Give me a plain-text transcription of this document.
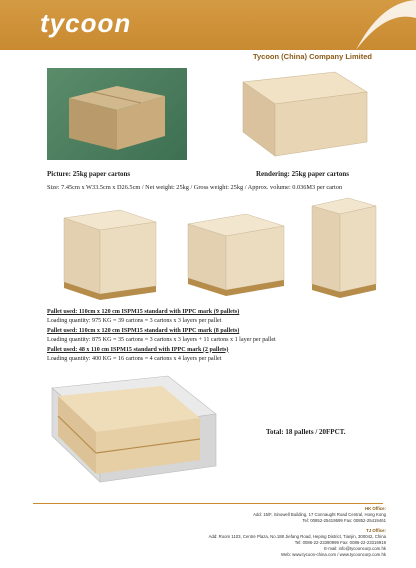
tycoon
Tycoon (China) Company Limited
Picture: 25kg paper cartons	Rendering: 25kg paper cartons
Size: 7.45cm x W33.5cm x D26.5cm / Net weight: 25kg / Gross weight: 25kg / Approx. volume: 0.036M3 per carton
Pallet used: 110cm x 120 cm ISPM15 standard with IPPC mark (9 pallets)
Loading quantity: 975 KG = 39 cartons = 3 cartons x 3 layers per pallet
Pallet used: 110cm x 120 cm ISPM15 standard with IPPC mark (8 pallets)
Loading quantity: 875 KG = 35 cartons = 3 cartons x 3 layers + 11 cartons x 1 layer per pallet
Pallet used: 48 x 110 cm ISPM15 standard with IPPC mark (2 pallets)
Loading quantity: 400 KG = 16 cartons = 4 cartons x 4 layers per pallet
Total: 18 pallets / 20FPCT.
HK Office:
Add: 15/F, Sinowell Building, 17 Connaught Road Central, Hong Kong
Tel: 00852-25419599 Fax: 00852-25419461
TJ Office:
Add: Room 1103, Centre Plaza, No.188 Jiefang Road, Heping District, Tianjin, 300042, China
Tel: 0086-22-23390999 Fax: 0086-22-23319919
E-mail: info@tycooncorp.com.hk
Web: www.tycoon-china.com / www.tycooncorp.com.hk
